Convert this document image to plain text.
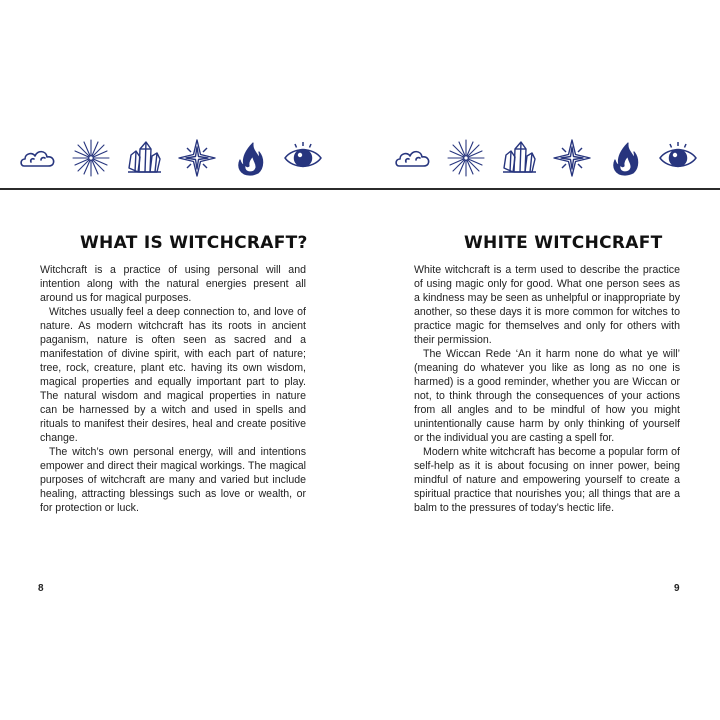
WHAT IS WITCHCRAFT?

Witchcraft is a practice of using personal will and intention along with the natural energies present all around us for magical purposes.

Witches usually feel a deep connection to, and love of nature. As modern witchcraft has its roots in ancient paganism, nature is often seen as sacred and a manifestation of divine spirit, with each part of nature; tree, rock, creature, plant etc. having its own wisdom, magical properties and equally important part to play. The natural wisdom and magical properties in nature can be harnessed by a witch and used in spells and rituals to manifest their desires, heal and create positive change.

The witch’s own personal energy, will and intentions empower and direct their magical workings. The magical purposes of witchcraft are many and varied but include healing, attracting blessings such as love or wealth, or for protection or luck.

8
WHITE WITCHCRAFT

White witchcraft is a term used to describe the practice of using magic only for good. What one person sees as a kindness may be seen as unhelpful or inappropriate by another, so these days it is more common for witches to practice magic for themselves and only for others with their permission.

The Wiccan Rede ‘An it harm none do what ye will’ (meaning do whatever you like as long as no one is harmed) is a good reminder, whether you are Wiccan or not, to think through the consequences of your actions from all angles and to be mindful of how you might unintentionally cause harm by only thinking of yourself or the individual you are casting a spell for.

Modern white witchcraft has become a popular form of self-help as it is about focusing on inner power, being mindful of nature and empowering yourself to create a spiritual practice that nourishes you; all things that are a balm to the pressures of today’s hectic life.

9
